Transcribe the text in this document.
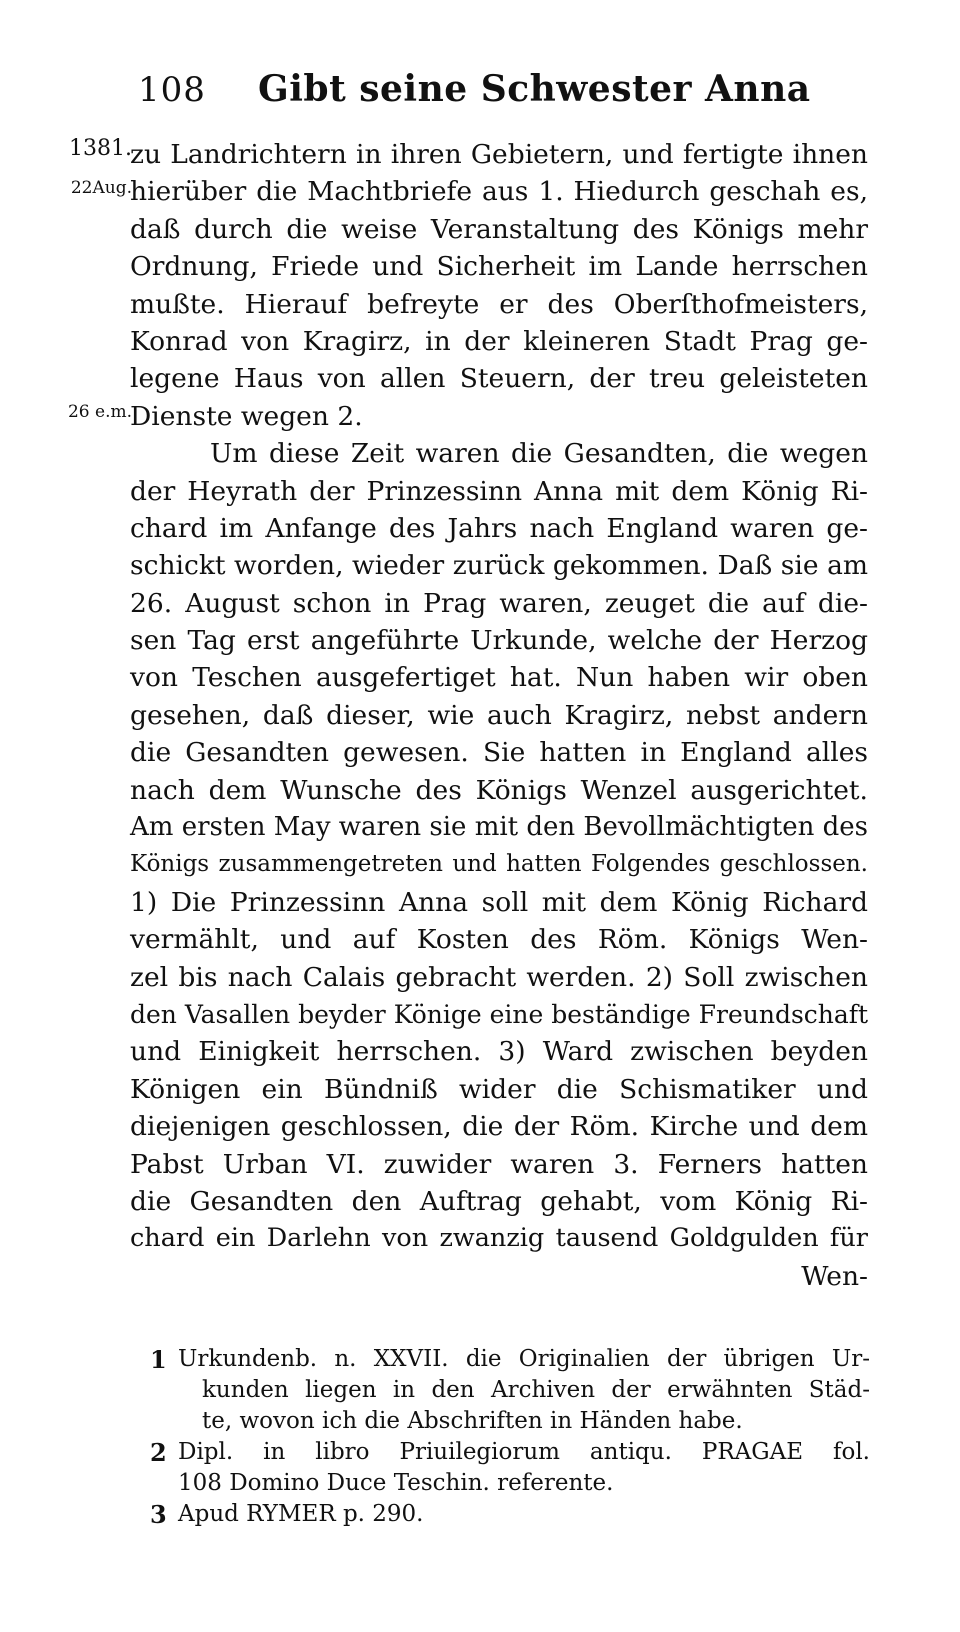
108 Gibt seine Schwester Anna
1381.
22Aug.
26 e.m.
zu Landrichtern in ihren Gebietern, und fertigte ihnen
hierüber die Machtbriefe aus 1. Hiedurch geschah es,
daß durch die weise Veranstaltung des Königs mehr
Ordnung, Friede und Sicherheit im Lande herrschen
mußte. Hierauf befreyte er des Oberſthofmeisters,
Konrad von Kragirz, in der kleineren Stadt Prag ge-
legene Haus von allen Steuern, der treu geleisteten
Dienste wegen 2.
Um diese Zeit waren die Gesandten, die wegen
der Heyrath der Prinzessinn Anna mit dem König Ri-
chard im Anfange des Jahrs nach England waren ge-
schickt worden, wieder zurück gekommen. Daß sie am
26. August schon in Prag waren, zeuget die auf die-
sen Tag erst angeführte Urkunde, welche der Herzog
von Teschen ausgefertiget hat. Nun haben wir oben
gesehen, daß dieser, wie auch Kragirz, nebst andern
die Gesandten gewesen. Sie hatten in England alles
nach dem Wunsche des Königs Wenzel ausgerichtet.
Am ersten May waren sie mit den Bevollmächtigten des
Königs zusammengetreten und hatten Folgendes geschlossen.
1) Die Prinzessinn Anna soll mit dem König Richard
vermählt, und auf Kosten des Röm. Königs Wen-
zel bis nach Calais gebracht werden. 2) Soll zwischen
den Vasallen beyder Könige eine beständige Freundschaft
und Einigkeit herrschen. 3) Ward zwischen beyden
Königen ein Bündniß wider die Schismatiker und
diejenigen geschlossen, die der Röm. Kirche und dem
Pabst Urban VI. zuwider waren 3. Ferners hatten
die Gesandten den Auftrag gehabt, vom König Ri-
chard ein Darlehn von zwanzig tausend Goldgulden für
Wen-
1 Urkundenb. n. XXVII. die Originalien der übrigen Ur-
kunden liegen in den Archiven der erwähnten Städ-
te, wovon ich die Abschriften in Händen habe.
2 Dipl. in libro Priuilegiorum antiqu. PRAGAE fol.
108 Domino Duce Teschin. referente.
3 Apud RYMER p. 290.
